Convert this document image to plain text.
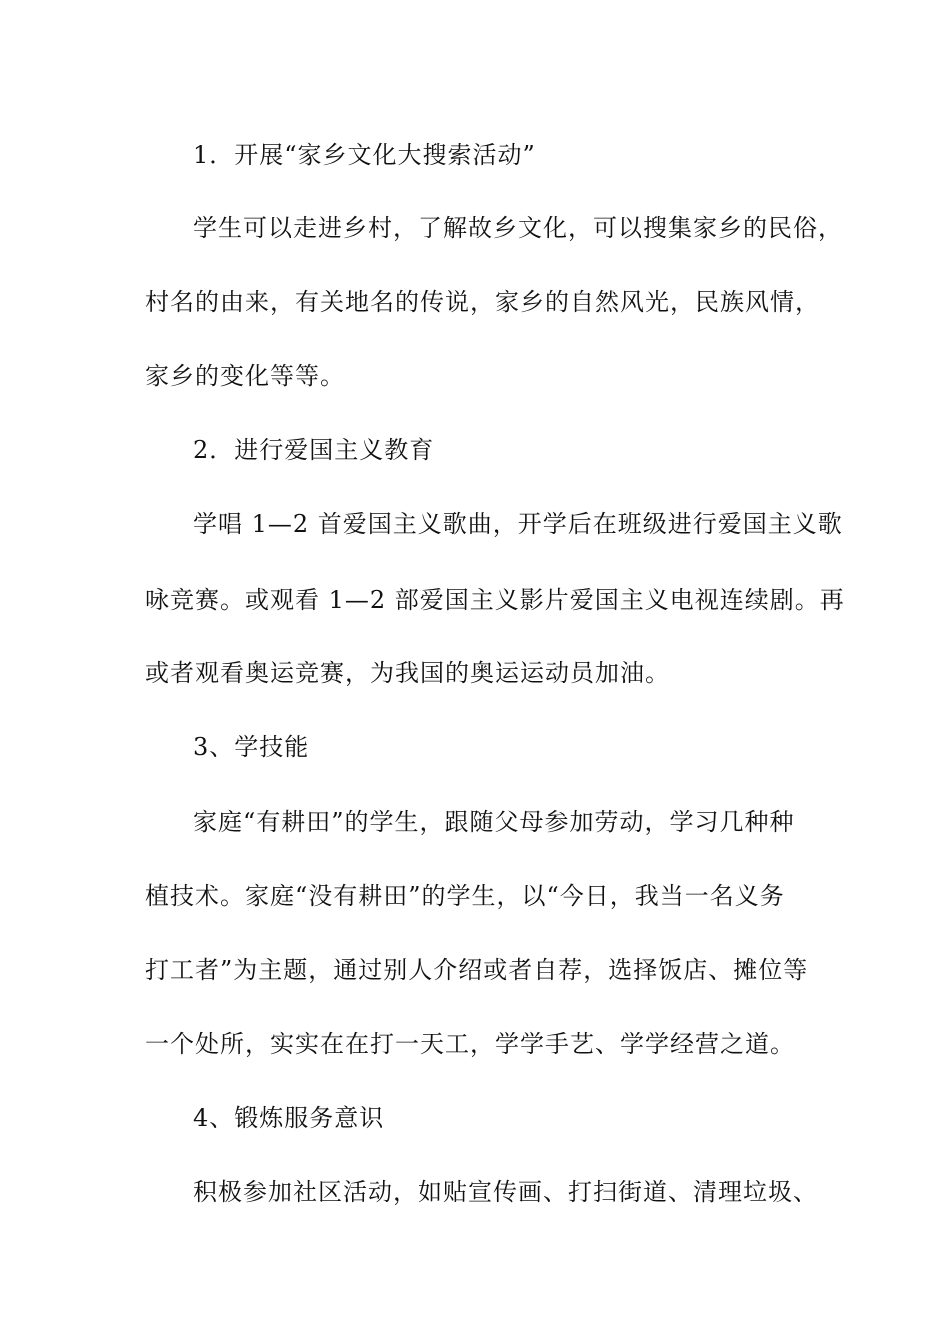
1．开展“家乡文化大搜索活动”
学生可以走进乡村，了解故乡文化，可以搜集家乡的民俗，
村名的由来，有关地名的传说，家乡的自然风光，民族风情，
家乡的变化等等。
2．进行爱国主义教育
学唱 1—2 首爱国主义歌曲，开学后在班级进行爱国主义歌
咏竞赛。或观看 1—2 部爱国主义影片爱国主义电视连续剧。再
或者观看奥运竞赛，为我国的奥运运动员加油。
3、学技能
家庭“有耕田”的学生，跟随父母参加劳动，学习几种种
植技术。家庭“没有耕田”的学生，以“今日，我当一名义务
打工者”为主题，通过别人介绍或者自荐，选择饭店、摊位等
一个处所，实实在在打一天工，学学手艺、学学经营之道。
4、锻炼服务意识
积极参加社区活动，如贴宣传画、打扫街道、清理垃圾、
